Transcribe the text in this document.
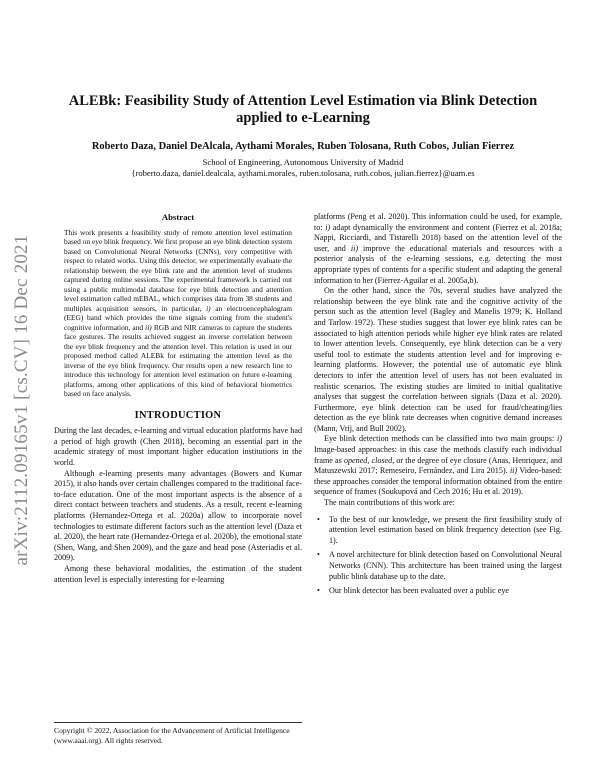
arXiv:2112.09165v1 [cs.CV] 16 Dec 2021
ALEBk: Feasibility Study of Attention Level Estimation via Blink Detection applied to e-Learning
Roberto Daza, Daniel DeAlcala, Aythami Morales, Ruben Tolosana, Ruth Cobos, Julian Fierrez
School of Engineering, Autonomous University of Madrid
{roberto.daza, daniel.dealcala, aythami.morales, ruben.tolosana, ruth.cobos, julian.fierrez}@uam.es
Abstract
This work presents a feasibility study of remote attention level estimation based on eye blink frequency. We first propose an eye blink detection system based on Convolutional Neural Networks (CNNs), very competitive with respect to related works. Using this detector, we experimentally evaluate the relationship between the eye blink rate and the attention level of students captured during online sessions. The experimental framework is carried out using a public multimodal database for eye blink detection and attention level estimation called mEBAL, which comprises data from 38 students and multiples acquisition sensors, in particular, i) an electroencephalogram (EEG) band which provides the time signals coming from the student's cognitive information, and ii) RGB and NIR cameras to capture the students face gestures. The results achieved suggest an inverse correlation between the eye blink frequency and the attention level. This relation is used in our proposed method called ALEBk for estimating the attention level as the inverse of the eye blink frequency. Our results open a new research line to introduce this technology for attention level estimation on future e-learning platforms, among other applications of this kind of behavioral biometrics based on face analysis.
INTRODUCTION

During the last decades, e-learning and virtual education platforms have had a period of high growth (Chen 2018), becoming an essential part in the academic strategy of most important higher education institutions in the world.

Although e-learning presents many advantages (Bowers and Kumar 2015), it also hands over certain challenges compared to the traditional face-to-face education. One of the most important aspects is the absence of a direct contact between teachers and students. As a result, recent e-learning platforms (Hernandez-Ortega et al. 2020a) allow to incorporate novel technologies to estimate different factors such as the attention level (Daza et al. 2020), the heart rate (Hernandez-Ortega et al. 2020b), the emotional state (Shen, Wang, and Shen 2009), and the gaze and head pose (Asteriadis et al. 2009).

Among these behavioral modalities, the estimation of the student attention level is especially interesting for e-learning

platforms (Peng et al. 2020). This information could be used, for example, to: i) adapt dynamically the environment and content (Fierrez et al. 2018a; Nappi, Ricciardi, and Tistarelli 2018) based on the attention level of the user, and ii) improve the educational materials and resources with a posterior analysis of the e-learning sessions, e.g. detecting the most appropriate types of contents for a specific student and adapting the general information to her (Fierrez-Aguilar et al. 2005a,b).

On the other hand, since the 70s, several studies have analyzed the relationship between the eye blink rate and the cognitive activity of the person such as the attention level (Bagley and Manelis 1979; K. Holland and Tarlow 1972). These studies suggest that lower eye blink rates can be associated to high attention periods while higher eye blink rates are related to lower attention levels. Consequently, eye blink detection can be a very useful tool to estimate the students attention level and for improving e-learning platforms. However, the potential use of automatic eye blink detectors to infer the attention level of users has not been evaluated in realistic scenarios. The existing studies are limited to initial qualitative analyses that suggest the correlation between signals (Daza et al. 2020). Furthermore, eye blink detection can be used for fraud/cheating/lies detection as the eye blink rate decreases when cognitive demand increases (Mann, Vrij, and Bull 2002).

Eye blink detection methods can be classified into two main groups: i) Image-based approaches: in this case the methods classify each individual frame as opened, closed, or the degree of eye closure (Anas, Henriquez, and Matuszewski 2017; Remeseiro, Fernández, and Lira 2015). ii) Video-based: these approaches consider the temporal information obtained from the entire sequence of frames (Soukupová and Cech 2016; Hu et al. 2019).

The main contributions of this work are:

• To the best of our knowledge, we present the first feasibility study of attention level estimation based on blink frequency detection (see Fig. 1).
• A novel architecture for blink detection based on Convolutional Neural Networks (CNN). This architecture has been trained using the largest public blink database up to the date.
• Our blink detector has been evaluated over a public eye
Copyright © 2022, Association for the Advancement of Artificial Intelligence (www.aaai.org). All rights reserved.
